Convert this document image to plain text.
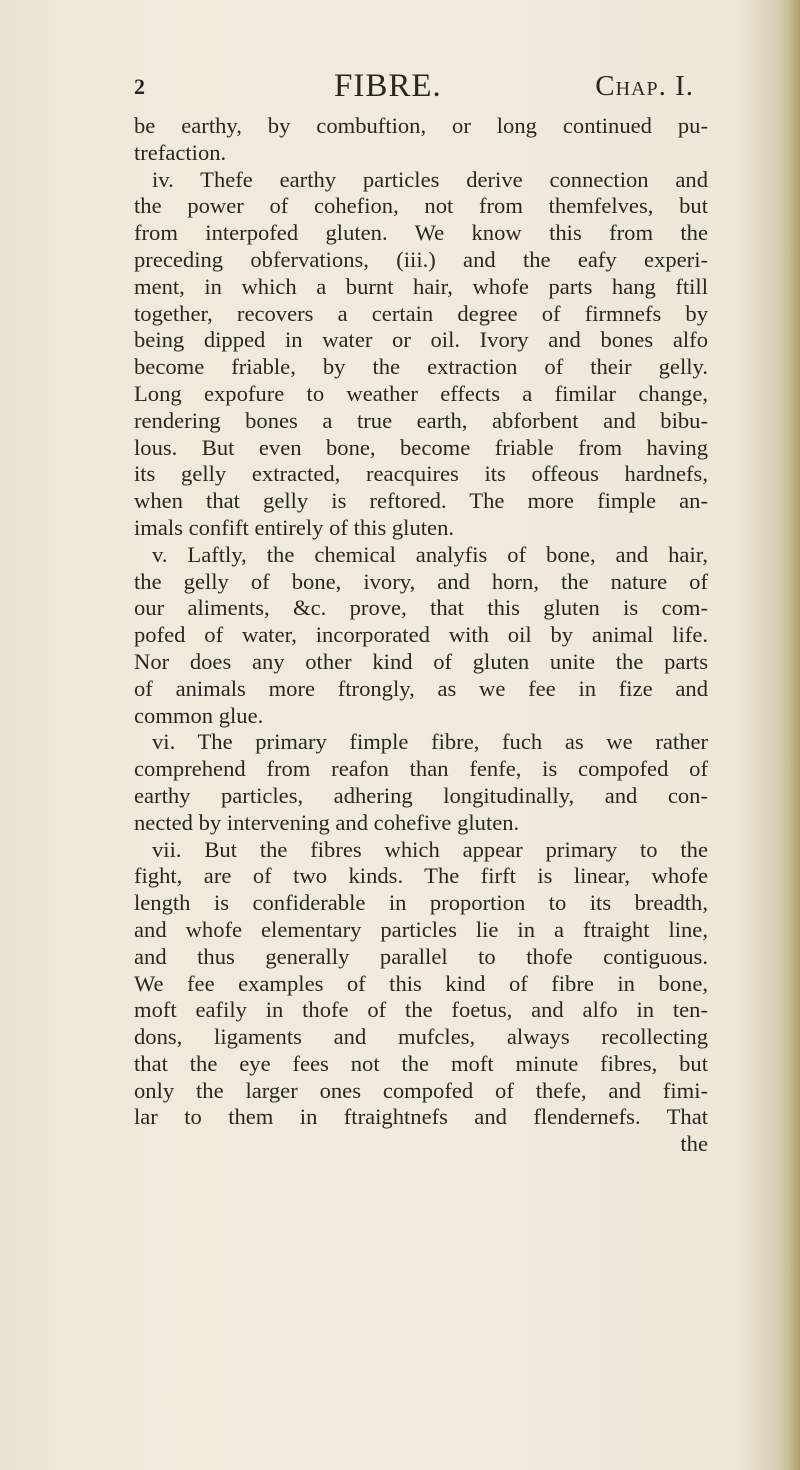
2	FIBRE.	Chap. I.
be earthy, by combuftion, or long continued pu-
trefaction.
iv. Thefe earthy particles derive connection and
the power of cohefion, not from themfelves, but
from interpofed gluten. We know this from the
preceding obfervations, (iii.) and the eafy experi-
ment, in which a burnt hair, whofe parts hang ftill
together, recovers a certain degree of firmnefs by
being dipped in water or oil. Ivory and bones alfo
become friable, by the extraction of their gelly.
Long expofure to weather effects a fimilar change,
rendering bones a true earth, abforbent and bibu-
lous. But even bone, become friable from having
its gelly extracted, reacquires its offeous hardnefs,
when that gelly is reftored. The more fimple an-
imals confift entirely of this gluten.
v. Laftly, the chemical analyfis of bone, and hair,
the gelly of bone, ivory, and horn, the nature of
our aliments, &c. prove, that this gluten is com-
pofed of water, incorporated with oil by animal life.
Nor does any other kind of gluten unite the parts
of animals more ftrongly, as we fee in fize and
common glue.
vi. The primary fimple fibre, fuch as we rather
comprehend from reafon than fenfe, is compofed of
earthy particles, adhering longitudinally, and con-
nected by intervening and cohefive gluten.
vii. But the fibres which appear primary to the
fight, are of two kinds. The firft is linear, whofe
length is confiderable in proportion to its breadth,
and whofe elementary particles lie in a ftraight line,
and thus generally parallel to thofe contiguous.
We fee examples of this kind of fibre in bone,
moft eafily in thofe of the foetus, and alfo in ten-
dons, ligaments and mufcles, always recollecting
that the eye fees not the moft minute fibres, but
only the larger ones compofed of thefe, and fimi-
lar to them in ftraightnefs and flendernefs. That
the
